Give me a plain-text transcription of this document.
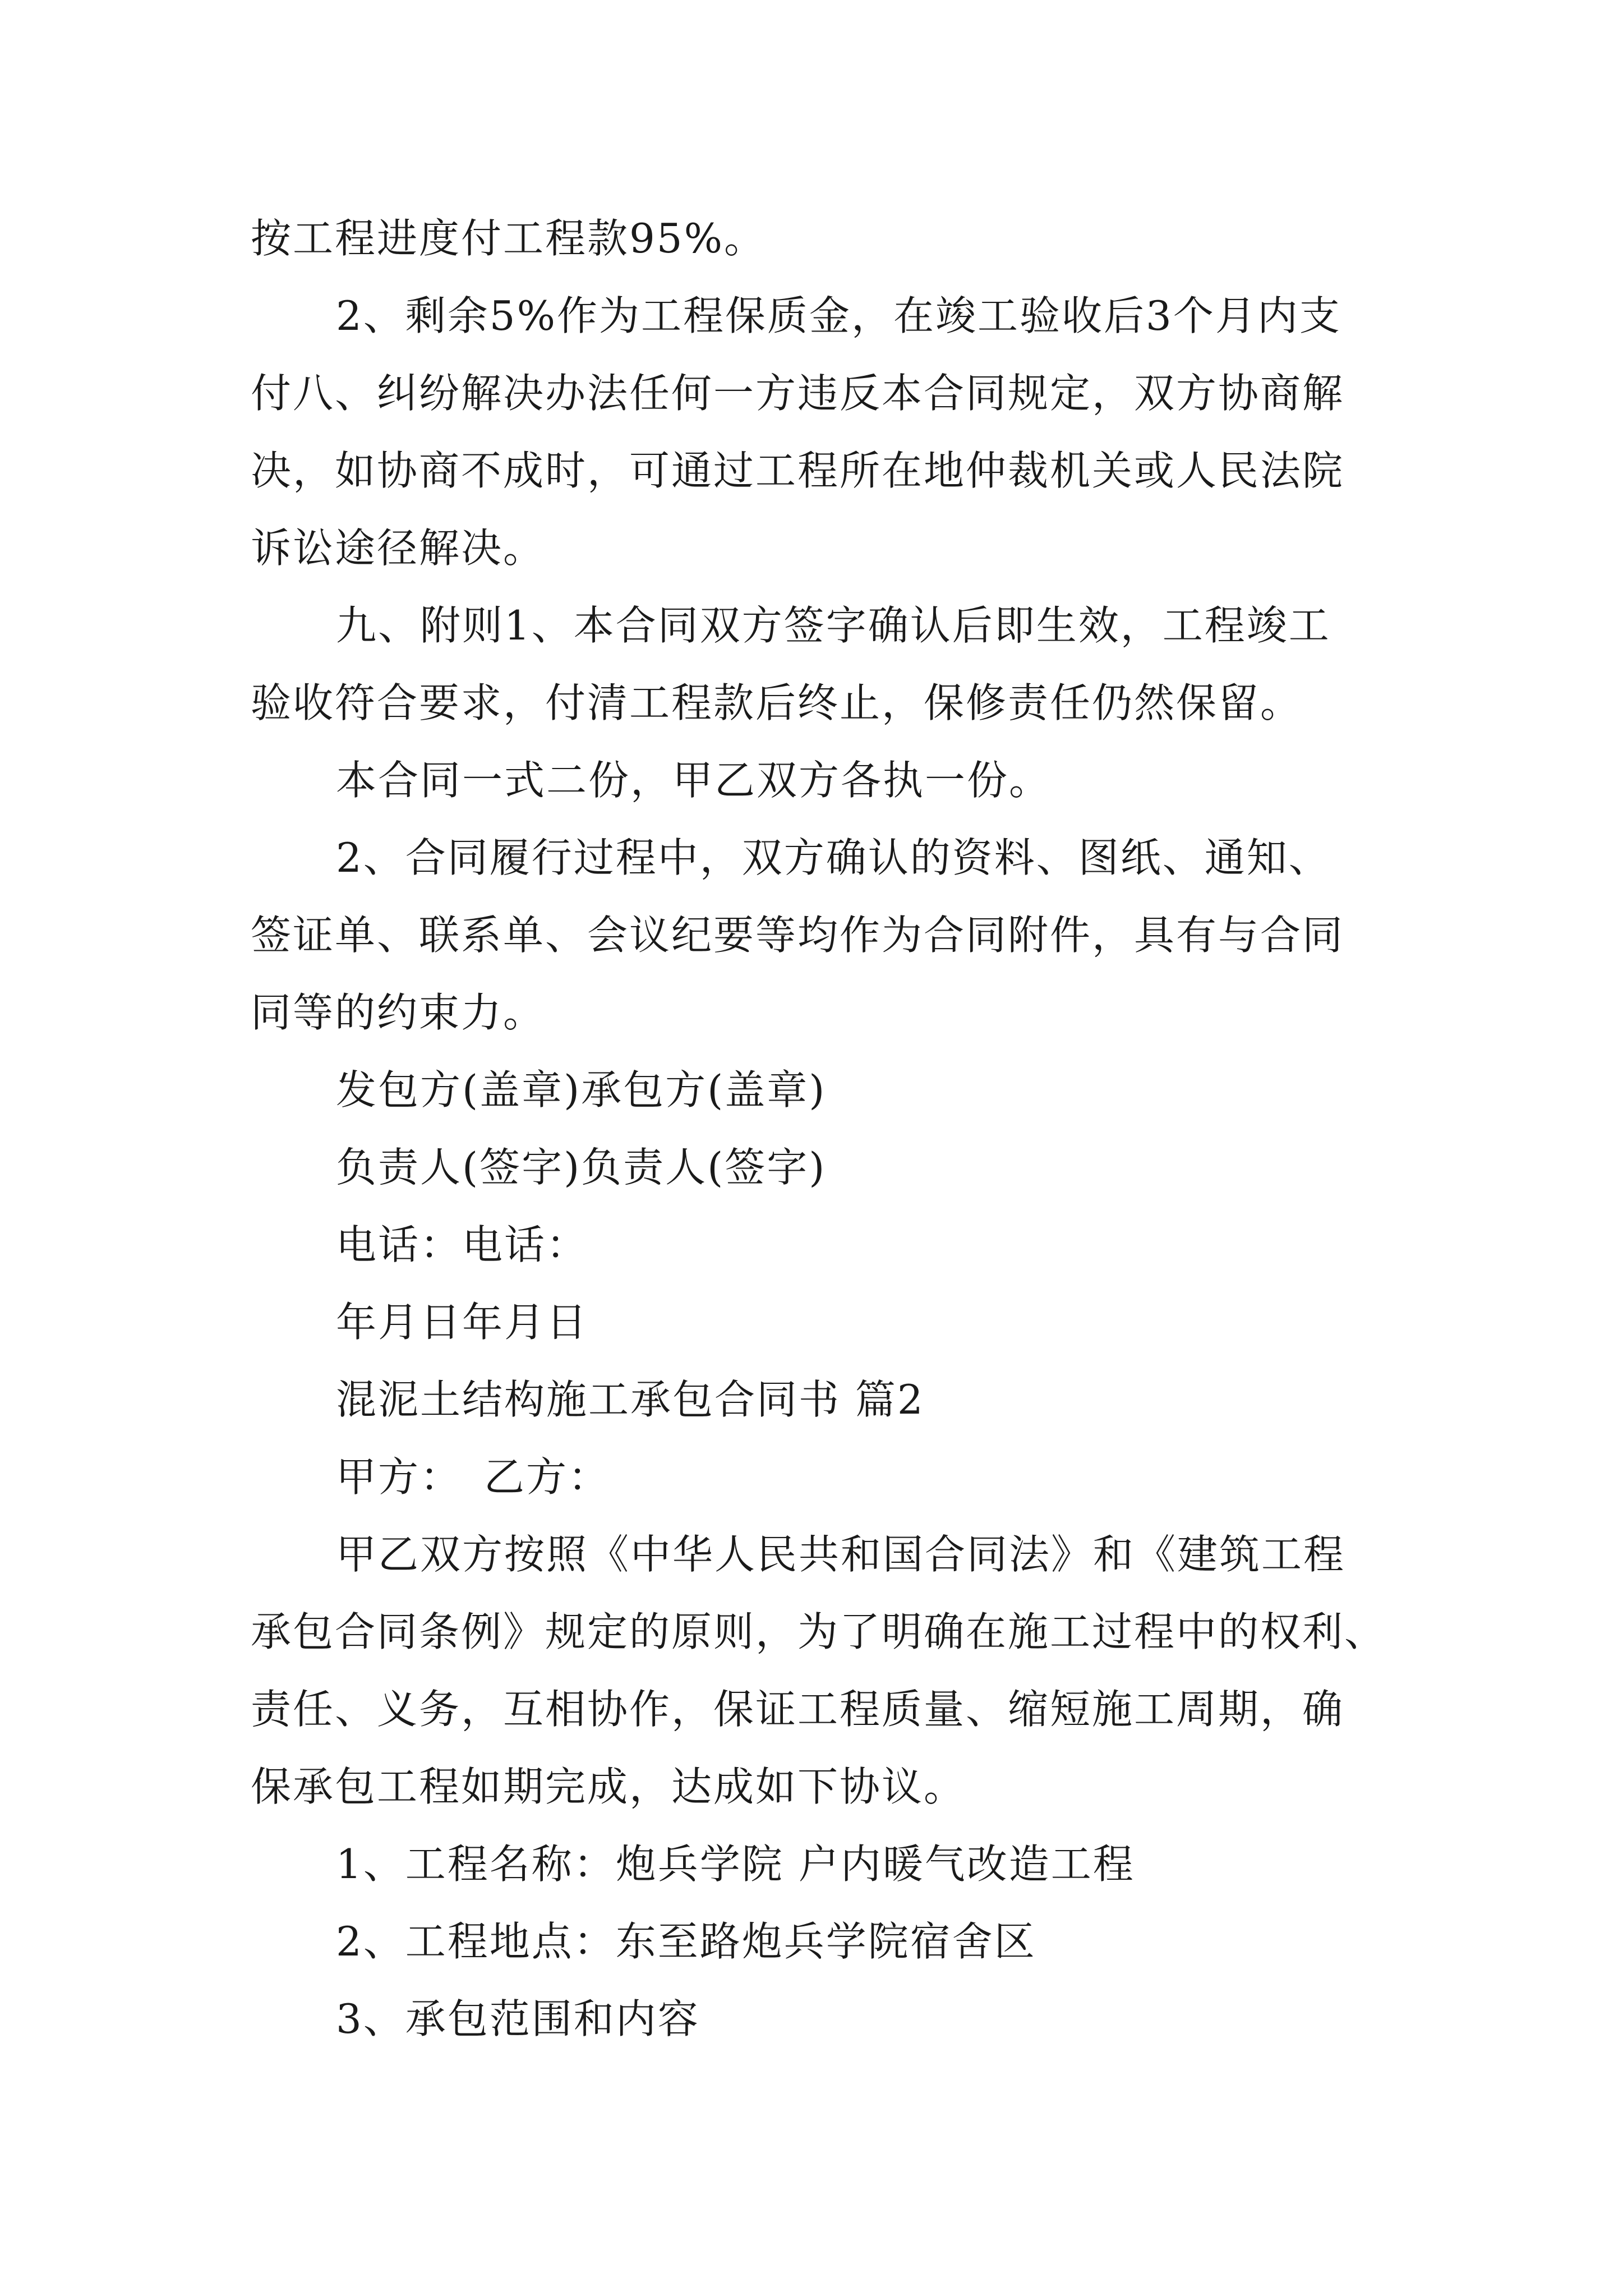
按工程进度付工程款95%。
2、剩余5%作为工程保质金，在竣工验收后3个月内支
付八、纠纷解决办法任何一方违反本合同规定，双方协商解
决，如协商不成时，可通过工程所在地仲裁机关或人民法院
诉讼途径解决。
九、附则1、本合同双方签字确认后即生效，工程竣工
验收符合要求，付清工程款后终止，保修责任仍然保留。
本合同一式二份，甲乙双方各执一份。
2、合同履行过程中，双方确认的资料、图纸、通知、
签证单、联系单、会议纪要等均作为合同附件，具有与合同
同等的约束力。
发包方(盖章)承包方(盖章)
负责人(签字)负责人(签字)
电话：电话：
年月日年月日
混泥土结构施工承包合同书 篇2
甲方：　乙方：
甲乙双方按照《中华人民共和国合同法》和《建筑工程
承包合同条例》规定的原则，为了明确在施工过程中的权利、
责任、义务，互相协作，保证工程质量、缩短施工周期，确
保承包工程如期完成，达成如下协议。
1、工程名称：炮兵学院 户内暖气改造工程
2、工程地点：东至路炮兵学院宿舍区
3、承包范围和内容
